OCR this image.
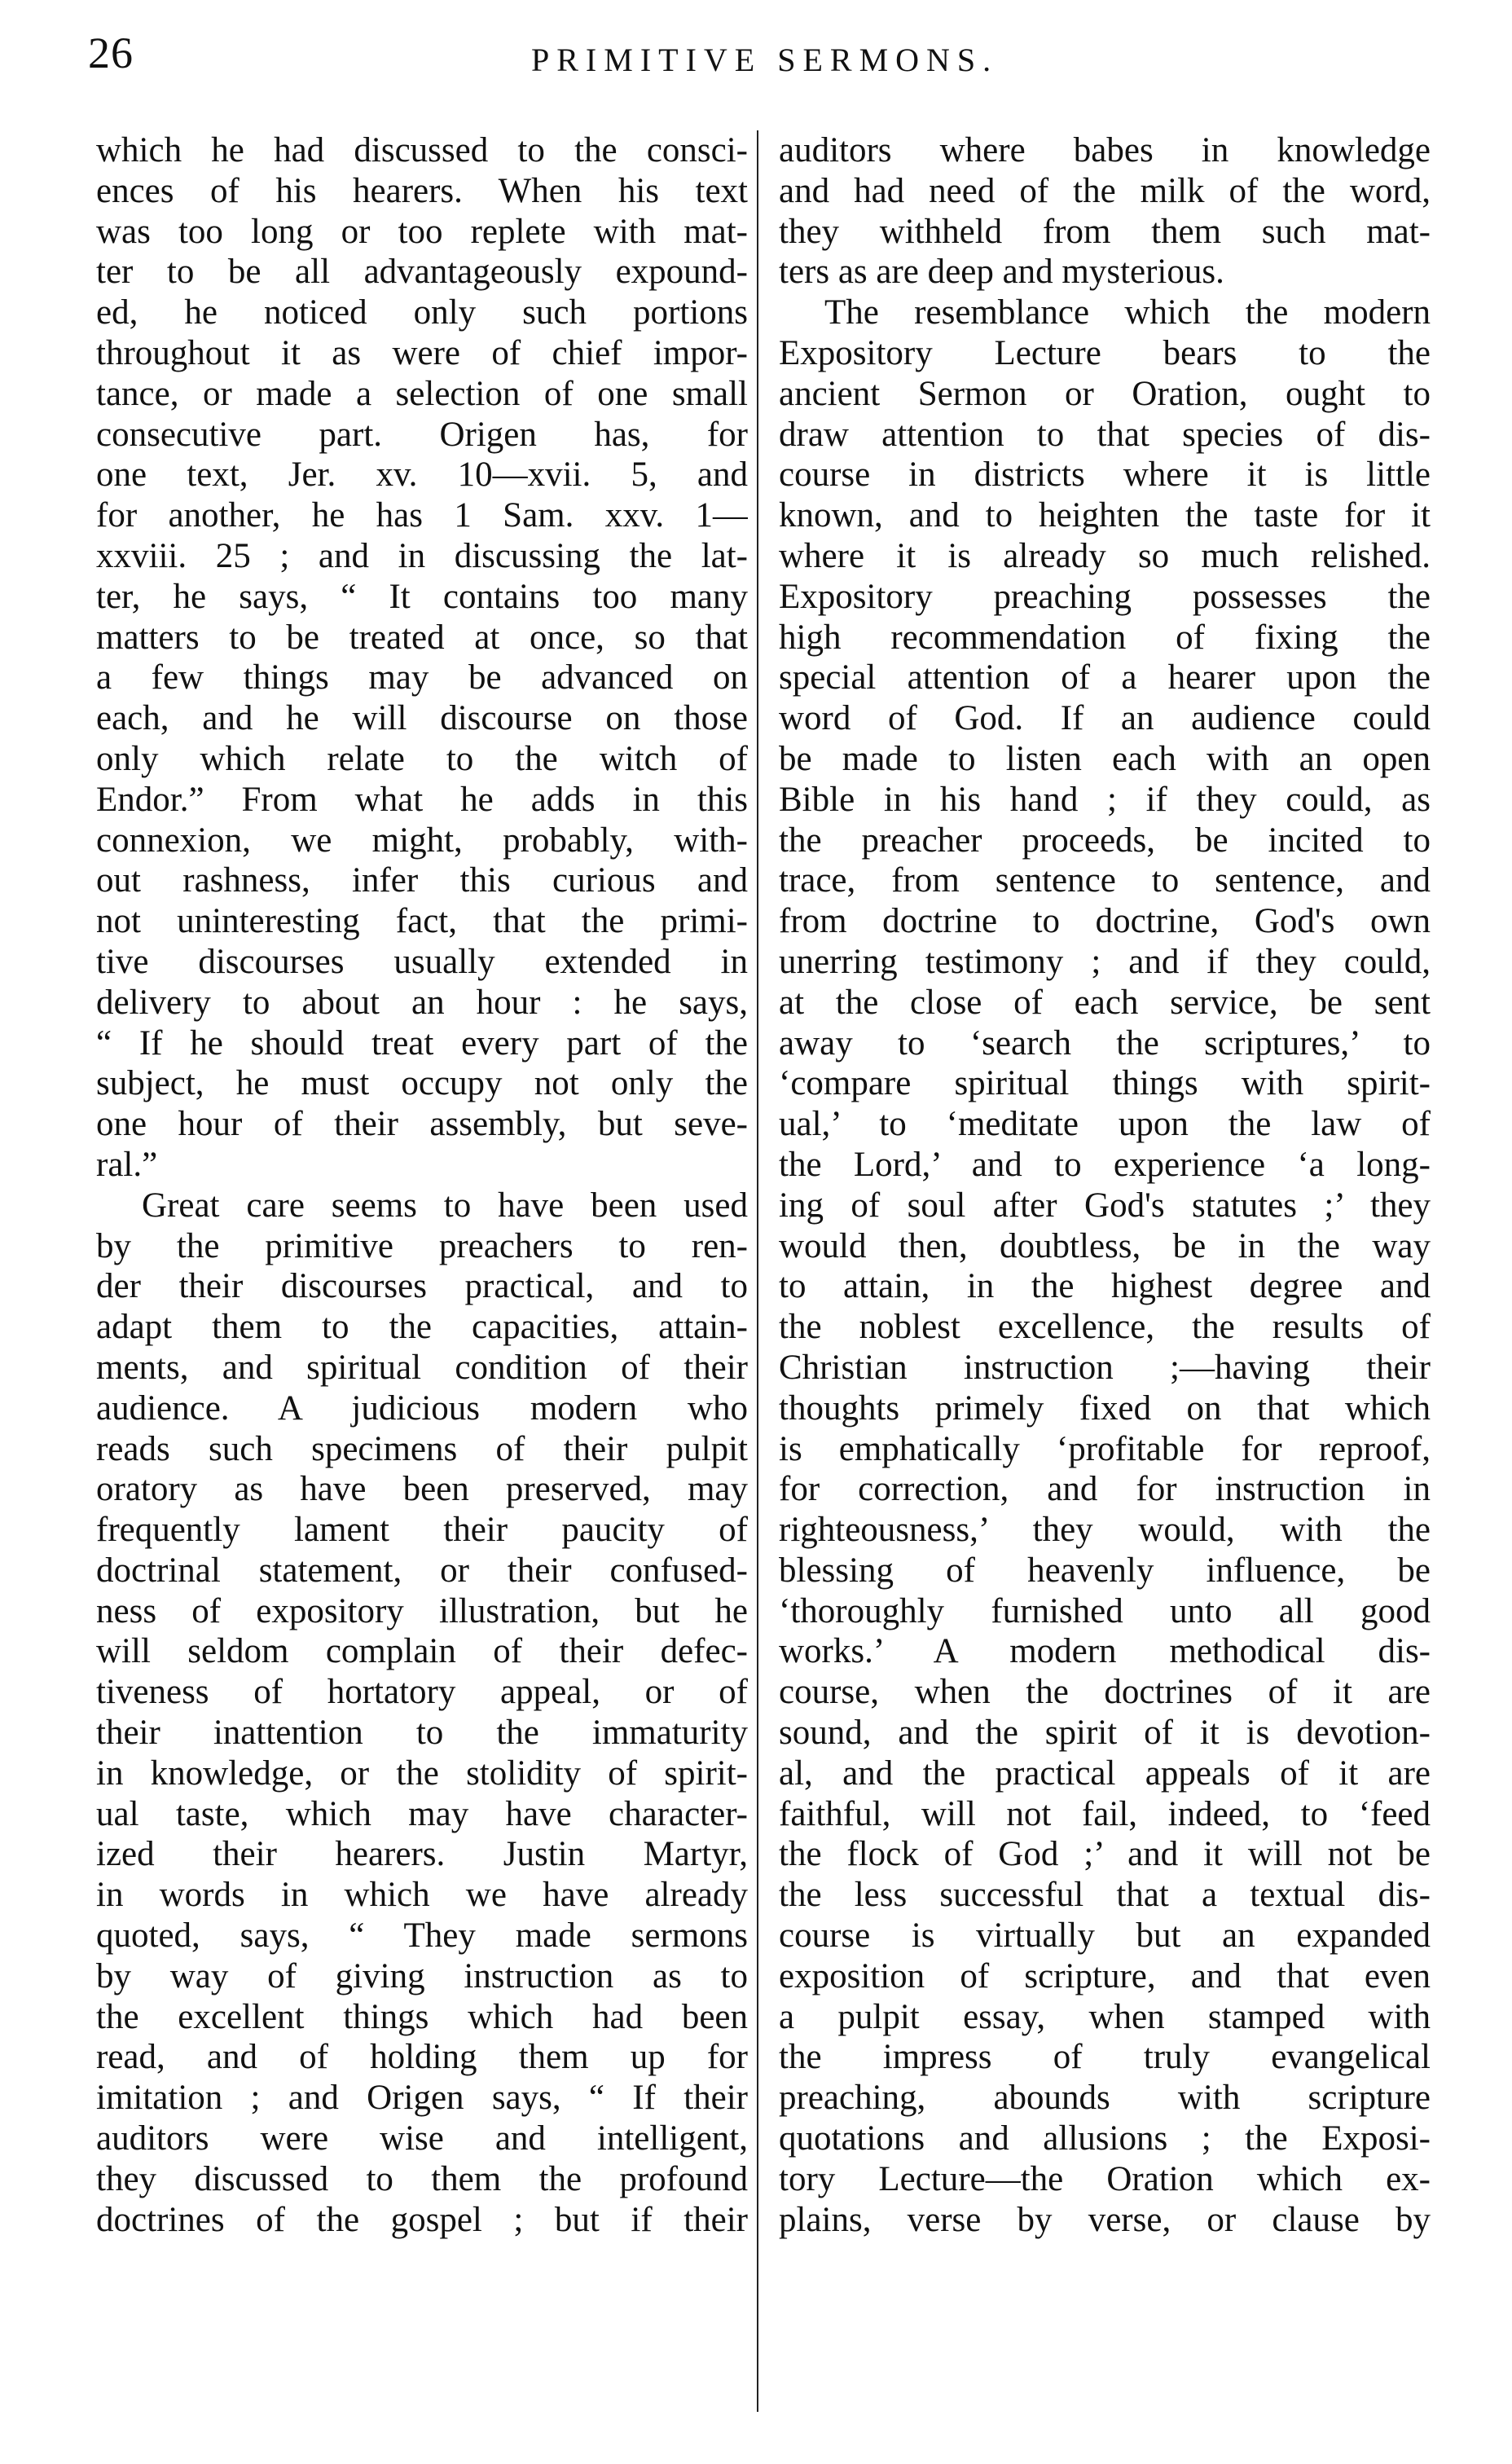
26	PRIMITIVE SERMONS.
which he had discussed to the consci-
ences of his hearers. When his text
was too long or too replete with mat-
ter to be all advantageously expound-
ed, he noticed only such portions
throughout it as were of chief impor-
tance, or made a selection of one small
consecutive part. Origen has, for
one text, Jer. xv. 10—xvii. 5, and
for another, he has 1 Sam. xxv. 1—
xxviii. 25 ; and in discussing the lat-
ter, he says, “ It contains too many
matters to be treated at once, so that
a few things may be advanced on
each, and he will discourse on those
only which relate to the witch of
Endor.” From what he adds in this
connexion, we might, probably, with-
out rashness, infer this curious and
not uninteresting fact, that the primi-
tive discourses usually extended in
delivery to about an hour : he says,
“ If he should treat every part of the
subject, he must occupy not only the
one hour of their assembly, but seve-
ral.”
Great care seems to have been used
by the primitive preachers to ren-
der their discourses practical, and to
adapt them to the capacities, attain-
ments, and spiritual condition of their
audience. A judicious modern who
reads such specimens of their pulpit
oratory as have been preserved, may
frequently lament their paucity of
doctrinal statement, or their confused-
ness of expository illustration, but he
will seldom complain of their defec-
tiveness of hortatory appeal, or of
their inattention to the immaturity
in knowledge, or the stolidity of spirit-
ual taste, which may have character-
ized their hearers. Justin Martyr,
in words in which we have already
quoted, says, “ They made sermons
by way of giving instruction as to
the excellent things which had been
read, and of holding them up for
imitation ; and Origen says, “ If their
auditors were wise and intelligent,
they discussed to them the profound
doctrines of the gospel ; but if their
auditors where babes in knowledge
and had need of the milk of the word,
they withheld from them such mat-
ters as are deep and mysterious.
The resemblance which the modern
Expository Lecture bears to the
ancient Sermon or Oration, ought to
draw attention to that species of dis-
course in districts where it is little
known, and to heighten the taste for it
where it is already so much relished.
Expository preaching possesses the
high recommendation of fixing the
special attention of a hearer upon the
word of God. If an audience could
be made to listen each with an open
Bible in his hand ; if they could, as
the preacher proceeds, be incited to
trace, from sentence to sentence, and
from doctrine to doctrine, God's own
unerring testimony ; and if they could,
at the close of each service, be sent
away to ‘search the scriptures,’ to
‘compare spiritual things with spirit-
ual,’ to ‘meditate upon the law of
the Lord,’ and to experience ‘a long-
ing of soul after God's statutes ;’ they
would then, doubtless, be in the way
to attain, in the highest degree and
the noblest excellence, the results of
Christian instruction ;—having their
thoughts primely fixed on that which
is emphatically ‘profitable for reproof,
for correction, and for instruction in
righteousness,’ they would, with the
blessing of heavenly influence, be
‘thoroughly furnished unto all good
works.’ A modern methodical dis-
course, when the doctrines of it are
sound, and the spirit of it is devotion-
al, and the practical appeals of it are
faithful, will not fail, indeed, to ‘feed
the flock of God ;’ and it will not be
the less successful that a textual dis-
course is virtually but an expanded
exposition of scripture, and that even
a pulpit essay, when stamped with
the impress of truly evangelical
preaching, abounds with scripture
quotations and allusions ; the Exposi-
tory Lecture—the Oration which ex-
plains, verse by verse, or clause by
